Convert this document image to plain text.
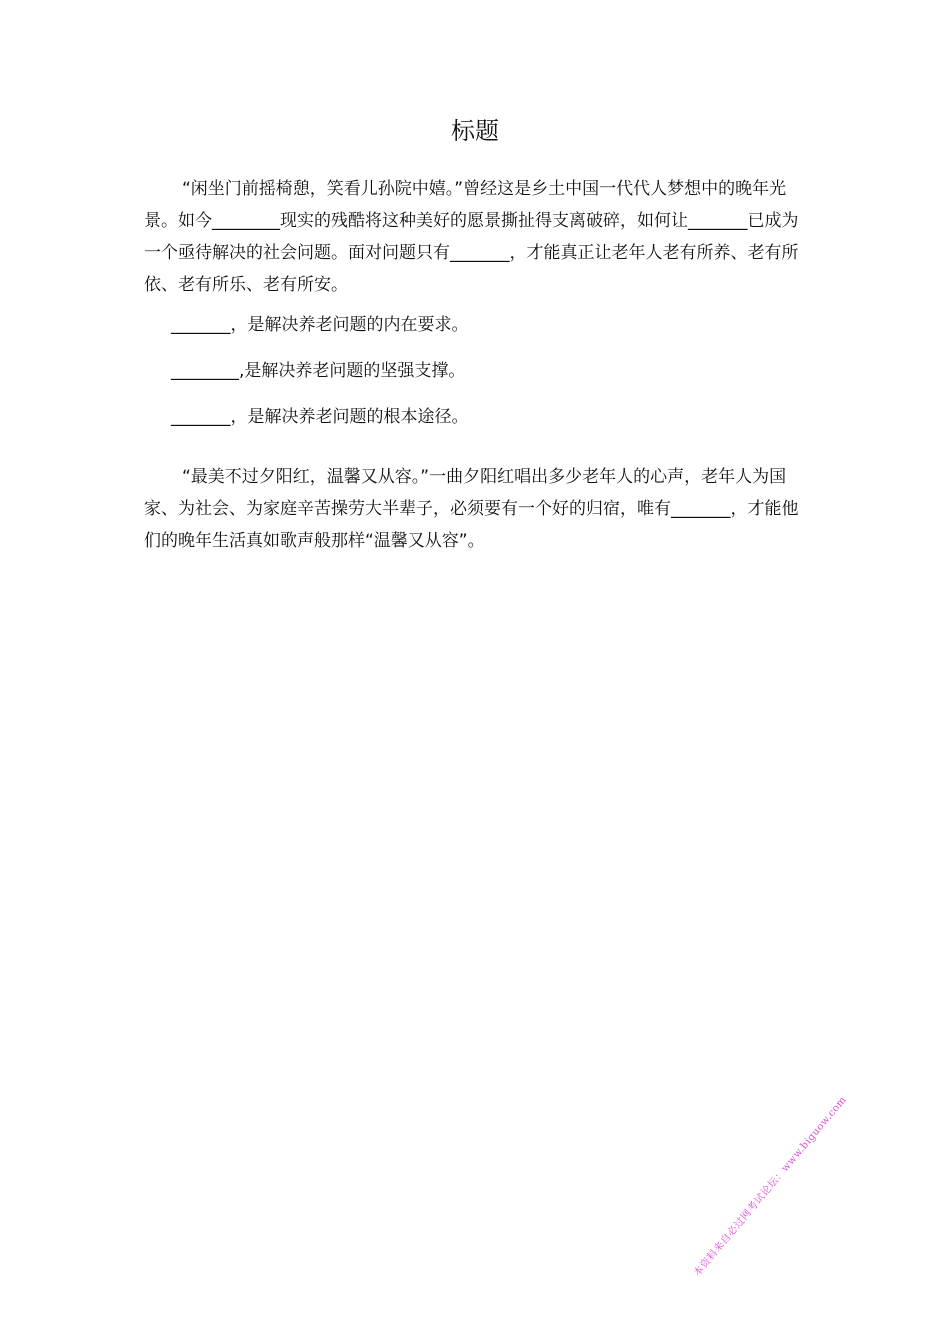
标题

“闲坐门前摇椅憩，笑看儿孙院中嬉。”曾经这是乡土中国一代代人梦想中的晚年光景。如今________现实的残酷将这种美好的愿景撕扯得支离破碎，如何让_______已成为一个亟待解决的社会问题。面对问题只有_______，才能真正让老年人老有所养、老有所依、老有所乐、老有所安。

_______，是解决养老问题的内在要求。
________,是解决养老问题的坚强支撑。
_______，是解决养老问题的根本途径。

“最美不过夕阳红，温馨又从容。”一曲夕阳红唱出多少老年人的心声，老年人为国家、为社会、为家庭辛苦操劳大半辈子，必须要有一个好的归宿，唯有_______，才能他们的晚年生活真如歌声般那样“温馨又从容”。

本资料来自必过网考试论坛：www.biguow.com
